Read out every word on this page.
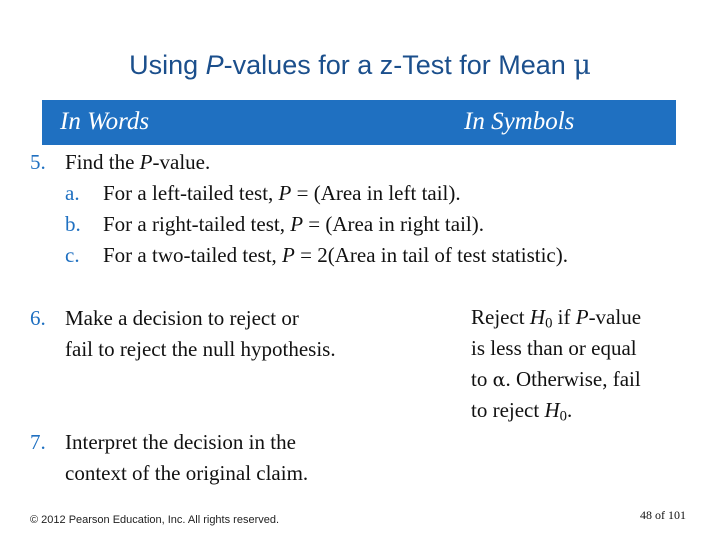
Using P-values for a z-Test for Mean μ
In Words	In Symbols
5. Find the P-value.
a. For a left-tailed test, P = (Area in left tail).
b. For a right-tailed test, P = (Area in right tail).
c. For a two-tailed test, P = 2(Area in tail of test statistic).
6. Make a decision to reject or
fail to reject the null hypothesis.
Reject $H_0$ if P-value
is less than or equal
to α. Otherwise, fail
to reject $H_0$.
7. Interpret the decision in the
context of the original claim.
© 2012 Pearson Education, Inc. All rights reserved.	48 of 101
